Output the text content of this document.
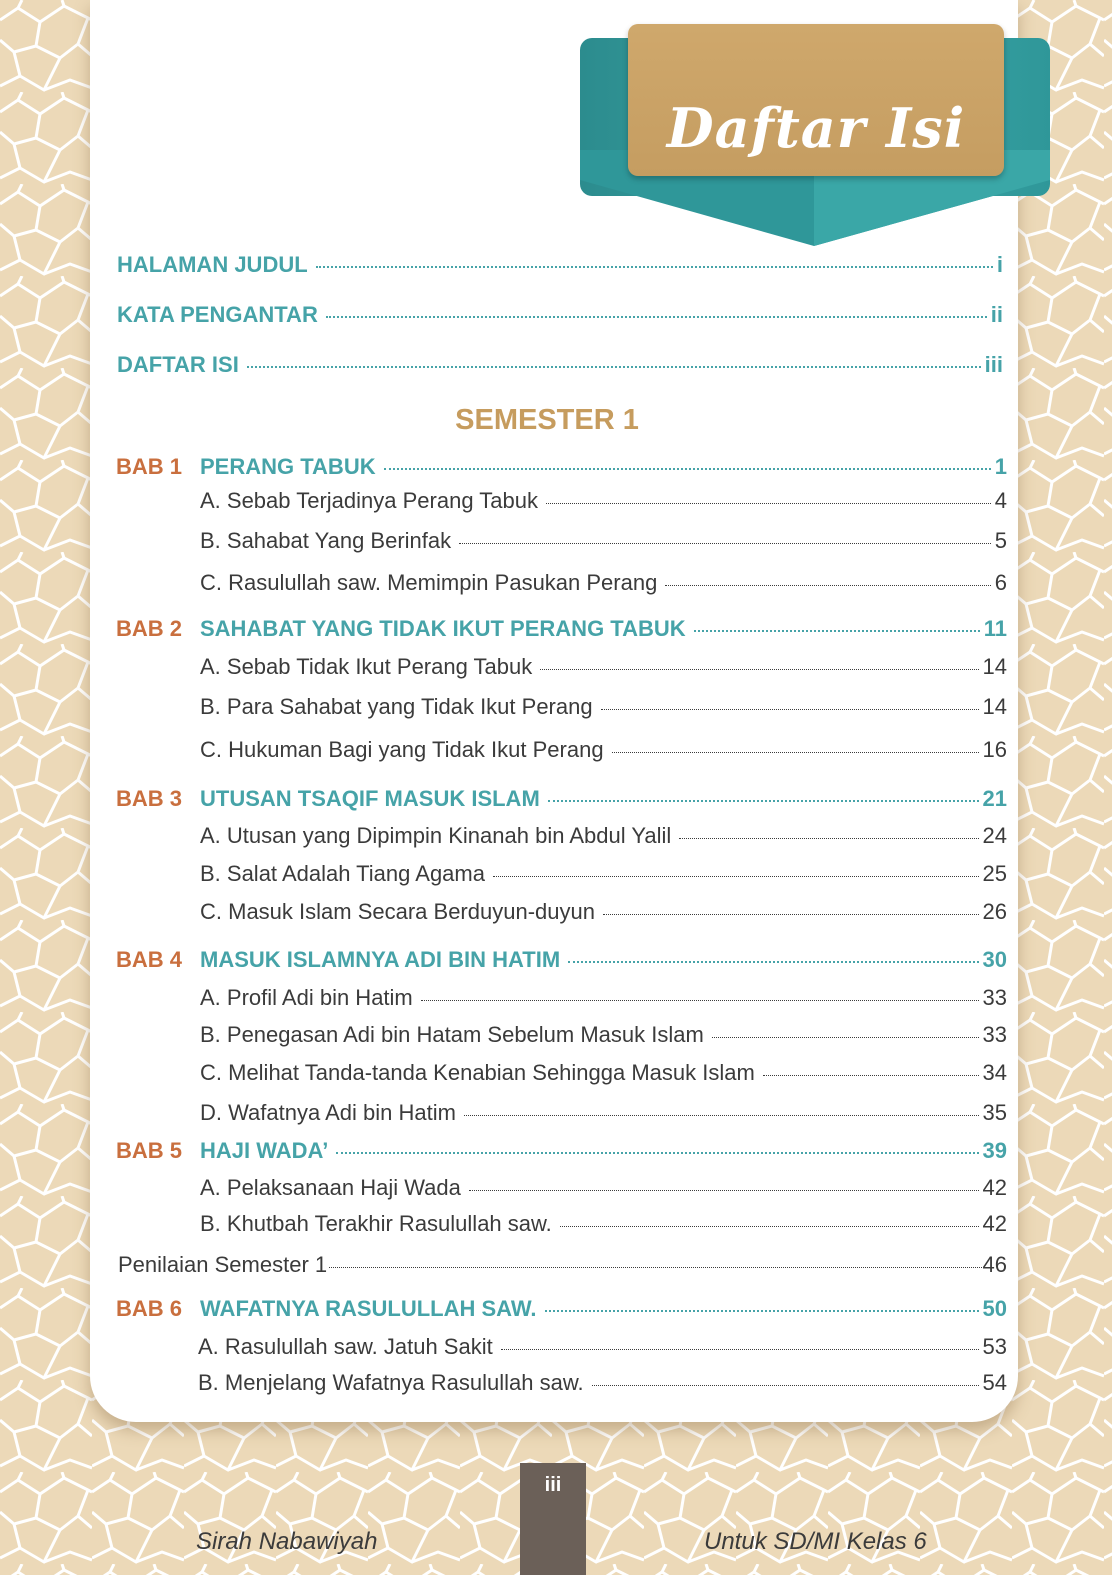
Daftar Isi
HALAMAN JUDUL	i
KATA PENGANTAR	ii
DAFTAR ISI	iii
SEMESTER 1
BAB 1 PERANG TABUK	1
A. Sebab Terjadinya Perang Tabuk	4
B. Sahabat Yang Berinfak	5
C. Rasulullah saw. Memimpin Pasukan Perang	6
BAB 2 SAHABAT YANG TIDAK IKUT PERANG TABUK	11
A. Sebab Tidak Ikut Perang Tabuk	14
B. Para Sahabat yang Tidak Ikut Perang	14
C. Hukuman Bagi yang Tidak Ikut Perang	16
BAB 3 UTUSAN TSAQIF MASUK ISLAM	21
A. Utusan yang Dipimpin Kinanah bin Abdul Yalil	24
B. Salat Adalah Tiang Agama	25
C. Masuk Islam Secara Berduyun-duyun	26
BAB 4 MASUK ISLAMNYA ADI BIN HATIM	30
A. Profil Adi bin Hatim	33
B. Penegasan Adi bin Hatam Sebelum Masuk Islam	33
C. Melihat Tanda-tanda Kenabian Sehingga Masuk Islam	34
D. Wafatnya Adi bin Hatim	35
BAB 5 HAJI WADA’	39
A. Pelaksanaan Haji Wada	42
B. Khutbah Terakhir Rasulullah saw.	42
Penilaian Semester 1	46
BAB 6 WAFATNYA RASULULLAH SAW.	50
A. Rasulullah saw. Jatuh Sakit	53
B. Menjelang Wafatnya Rasulullah saw.	54
iii
Sirah Nabawiyah	Untuk SD/MI Kelas 6
